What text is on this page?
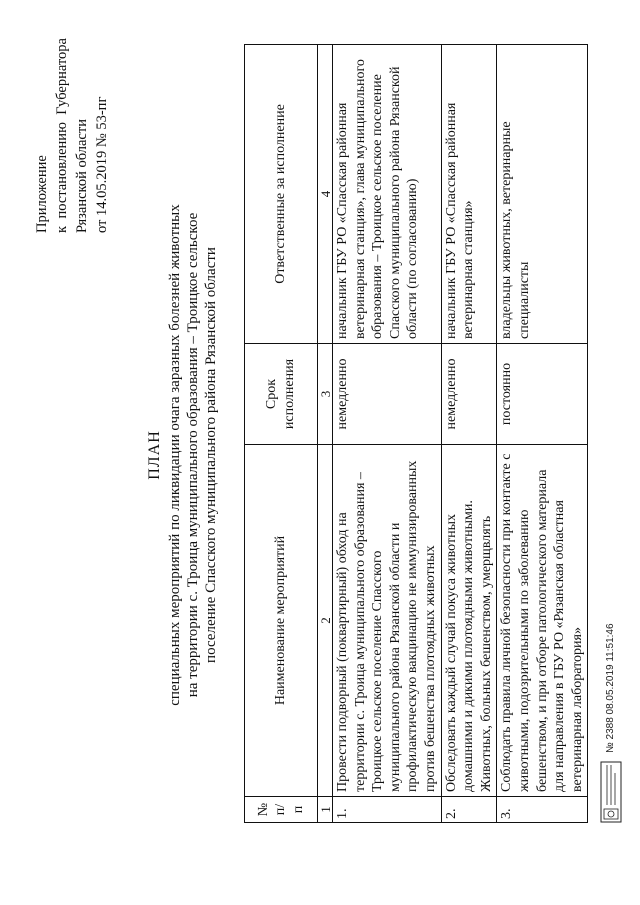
Приложение к
постановлению
Губернатора
Рязанской области от 14.05.2019 № 53-пг
ПЛАН специальных мероприятий по ликвидации очага заразных болезней животных на территории с. Троица муниципального образования – Троицкое сельское поселение Спасского муниципального района Рязанской области
№ п/п	Наименование мероприятий	Срок исполнения	Ответственные за исполнение
1	2	3	4
1.	Провести подворный (поквартирный) обход на территории с. Троица муниципального образования – Троицкое сельское поселение Спасского муниципального района Рязанской области и профилактическую вакцинацию не иммунизированных против бешенства плотоядных животных	немедленно	начальник ГБУ РО «Спасская районная ветеринарная станция», глава муниципального образования – Троицкое сельское поселение Спасского муниципального района Рязанской области (по согласованию)
2.	Обследовать каждый случай покуса животных домашними и дикими плотоядными животными. Животных, больных бешенством, умерщвлять	немедленно	начальник ГБУ РО «Спасская районная ветеринарная станция»
3.	Соблюдать правила личной безопасности при контакте с животными, подозрительными по заболеванию бешенством, и при отборе патологического материала для направления в ГБУ РО «Рязанская областная ветеринарная лаборатория»	постоянно	владельцы животных, ветеринарные специалисты
№ 2388 08.05.2019 11:51:46
